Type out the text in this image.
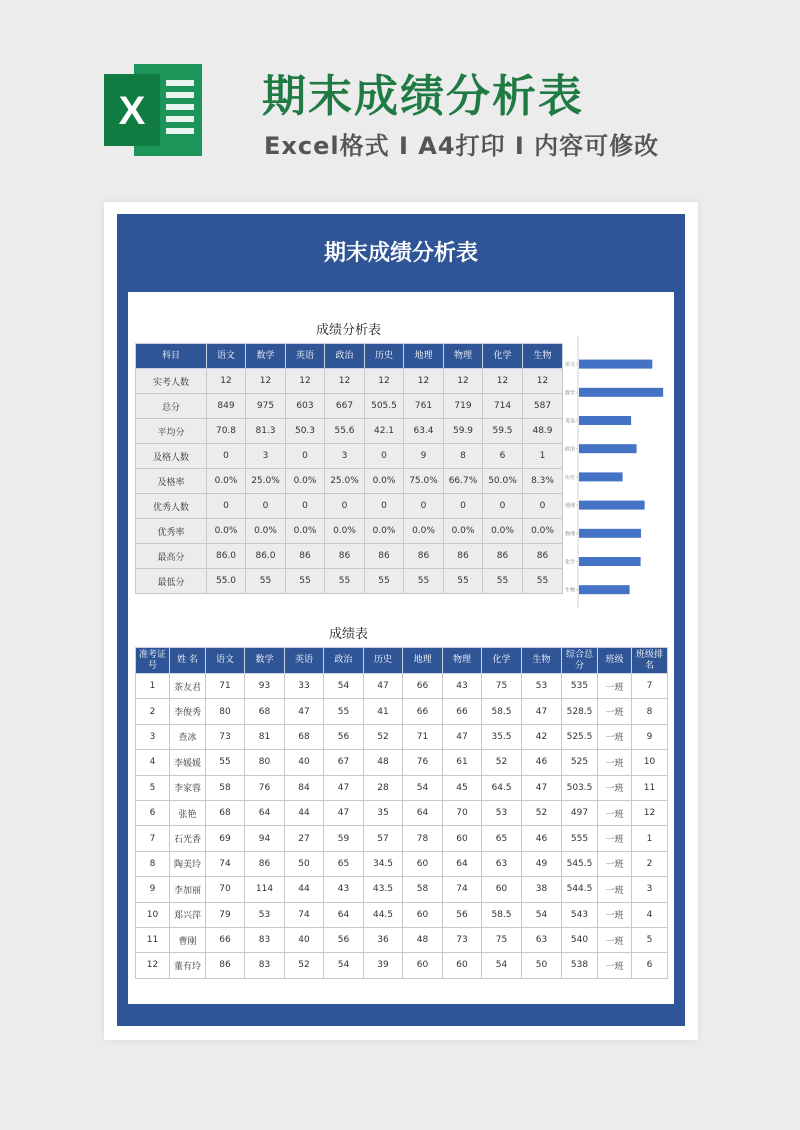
X	期末成绩分析表
Excel格式 Ⅰ A4打印 Ⅰ 内容可修改
期末成绩分析表
成绩分析表
科目	语文	数学	英语	政治	历史	地理	物理	化学	生物
实考人数	12	12	12	12	12	12	12	12	12
总分	849	975	603	667	505.5	761	719	714	587
平均分	70.8	81.3	50.3	55.6	42.1	63.4	59.9	59.5	48.9
及格人数	0	3	0	3	0	9	8	6	1
及格率	0.0%	25.0%	0.0%	25.0%	0.0%	75.0%	66.7%	50.0%	8.3%
优秀人数	0	0	0	0	0	0	0	0	0
优秀率	0.0%	0.0%	0.0%	0.0%	0.0%	0.0%	0.0%	0.0%	0.0%
最高分	86.0	86.0	86	86	86	86	86	86	86
最低分	55.0	55	55	55	55	55	55	55	55
语文
数学
英语
政治
历史
地理
物理
化学
生物
成绩表
准考证号	姓 名	语文	数学	英语	政治	历史	地理	物理	化学	生物	综合总分	班级	班级排名
1	茶友君	71	93	33	54	47	66	43	75	53	535	一班	7
2	李俊秀	80	68	47	55	41	66	66	58.5	47	528.5	一班	8
3	查冰	73	81	68	56	52	71	47	35.5	42	525.5	一班	9
4	李媛媛	55	80	40	67	48	76	61	52	46	525	一班	10
5	李家蓉	58	76	84	47	28	54	45	64.5	47	503.5	一班	11
6	张艳	68	64	44	47	35	64	70	53	52	497	一班	12
7	石光香	69	94	27	59	57	78	60	65	46	555	一班	1
8	陶美玲	74	86	50	65	34.5	60	64	63	49	545.5	一班	2
9	李加丽	70	114	44	43	43.5	58	74	60	38	544.5	一班	3
10	郑兴萍	79	53	74	64	44.5	60	56	58.5	54	543	一班	4
11	曹刚	66	83	40	56	36	48	73	75	63	540	一班	5
12	董有玲	86	83	52	54	39	60	60	54	50	538	一班	6
